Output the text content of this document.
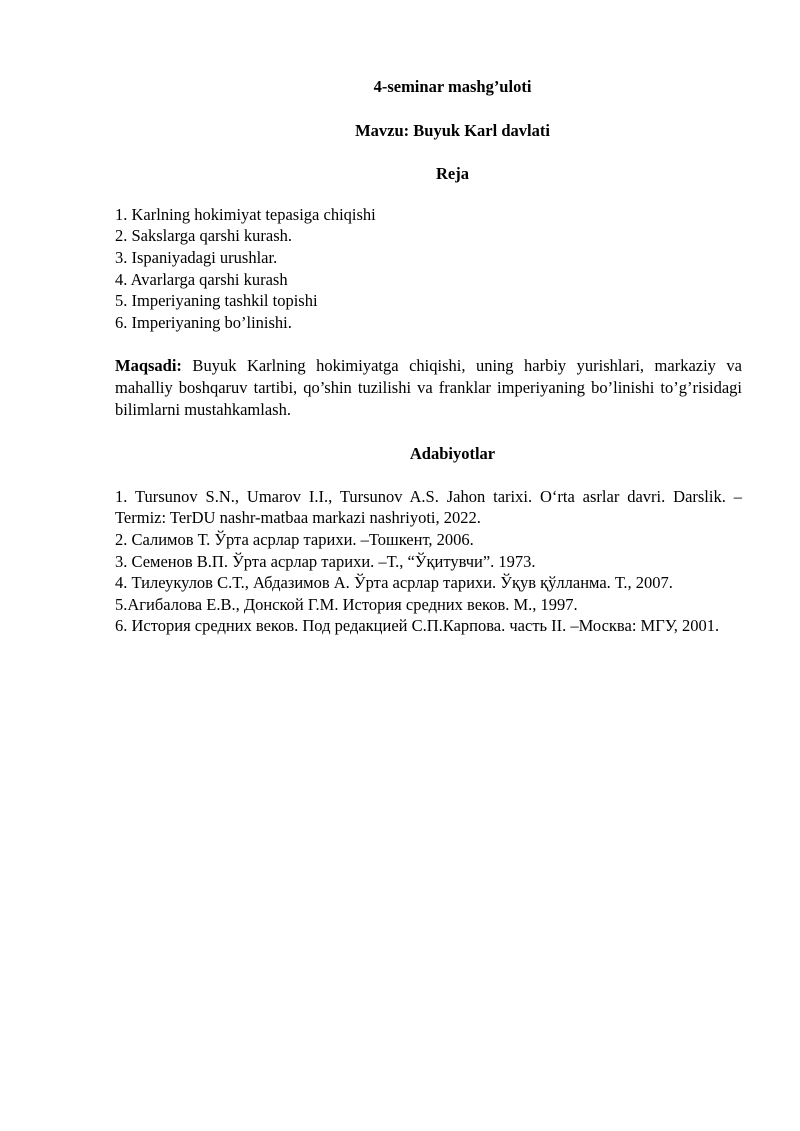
4-seminar mashg’uloti

Mavzu: Buyuk Karl davlati

Reja

1. Karlning hokimiyat tepasiga chiqishi
2. Sakslarga qarshi kurash.
3. Ispaniyadagi urushlar.
4. Avarlarga qarshi kurash
5. Imperiyaning tashkil topishi
6. Imperiyaning bo’linishi.

Maqsadi: Buyuk Karlning hokimiyatga chiqishi, uning harbiy yurishlari, markaziy va mahalliy boshqaruv tartibi, qo’shin tuzilishi va franklar imperiyaning bo’linishi to’g’risidagi bilimlarni mustahkamlash.

Adabiyotlar

1. Tursunov S.N., Umarov I.I., Tursunov A.S. Jahon tarixi. O‘rta asrlar davri. Darslik. –Termiz: TerDU nashr-matbaa markazi nashriyoti, 2022.
2. Салимов Т. Ўрта асрлар тарихи. –Тошкент, 2006.
3. Семенов В.П. Ўрта асрлар тарихи. –Т., “Ўқитувчи”. 1973.
4. Тилеукулов С.Т., Абдазимов А. Ўрта асрлар тарихи. Ўқув қўлланма. Т., 2007.
5.Агибалова Е.В., Донской Г.М. История средних веков. М., 1997.
6. История средних веков. Под редакцией С.П.Карпова. часть II. –Москва: МГУ, 2001.
